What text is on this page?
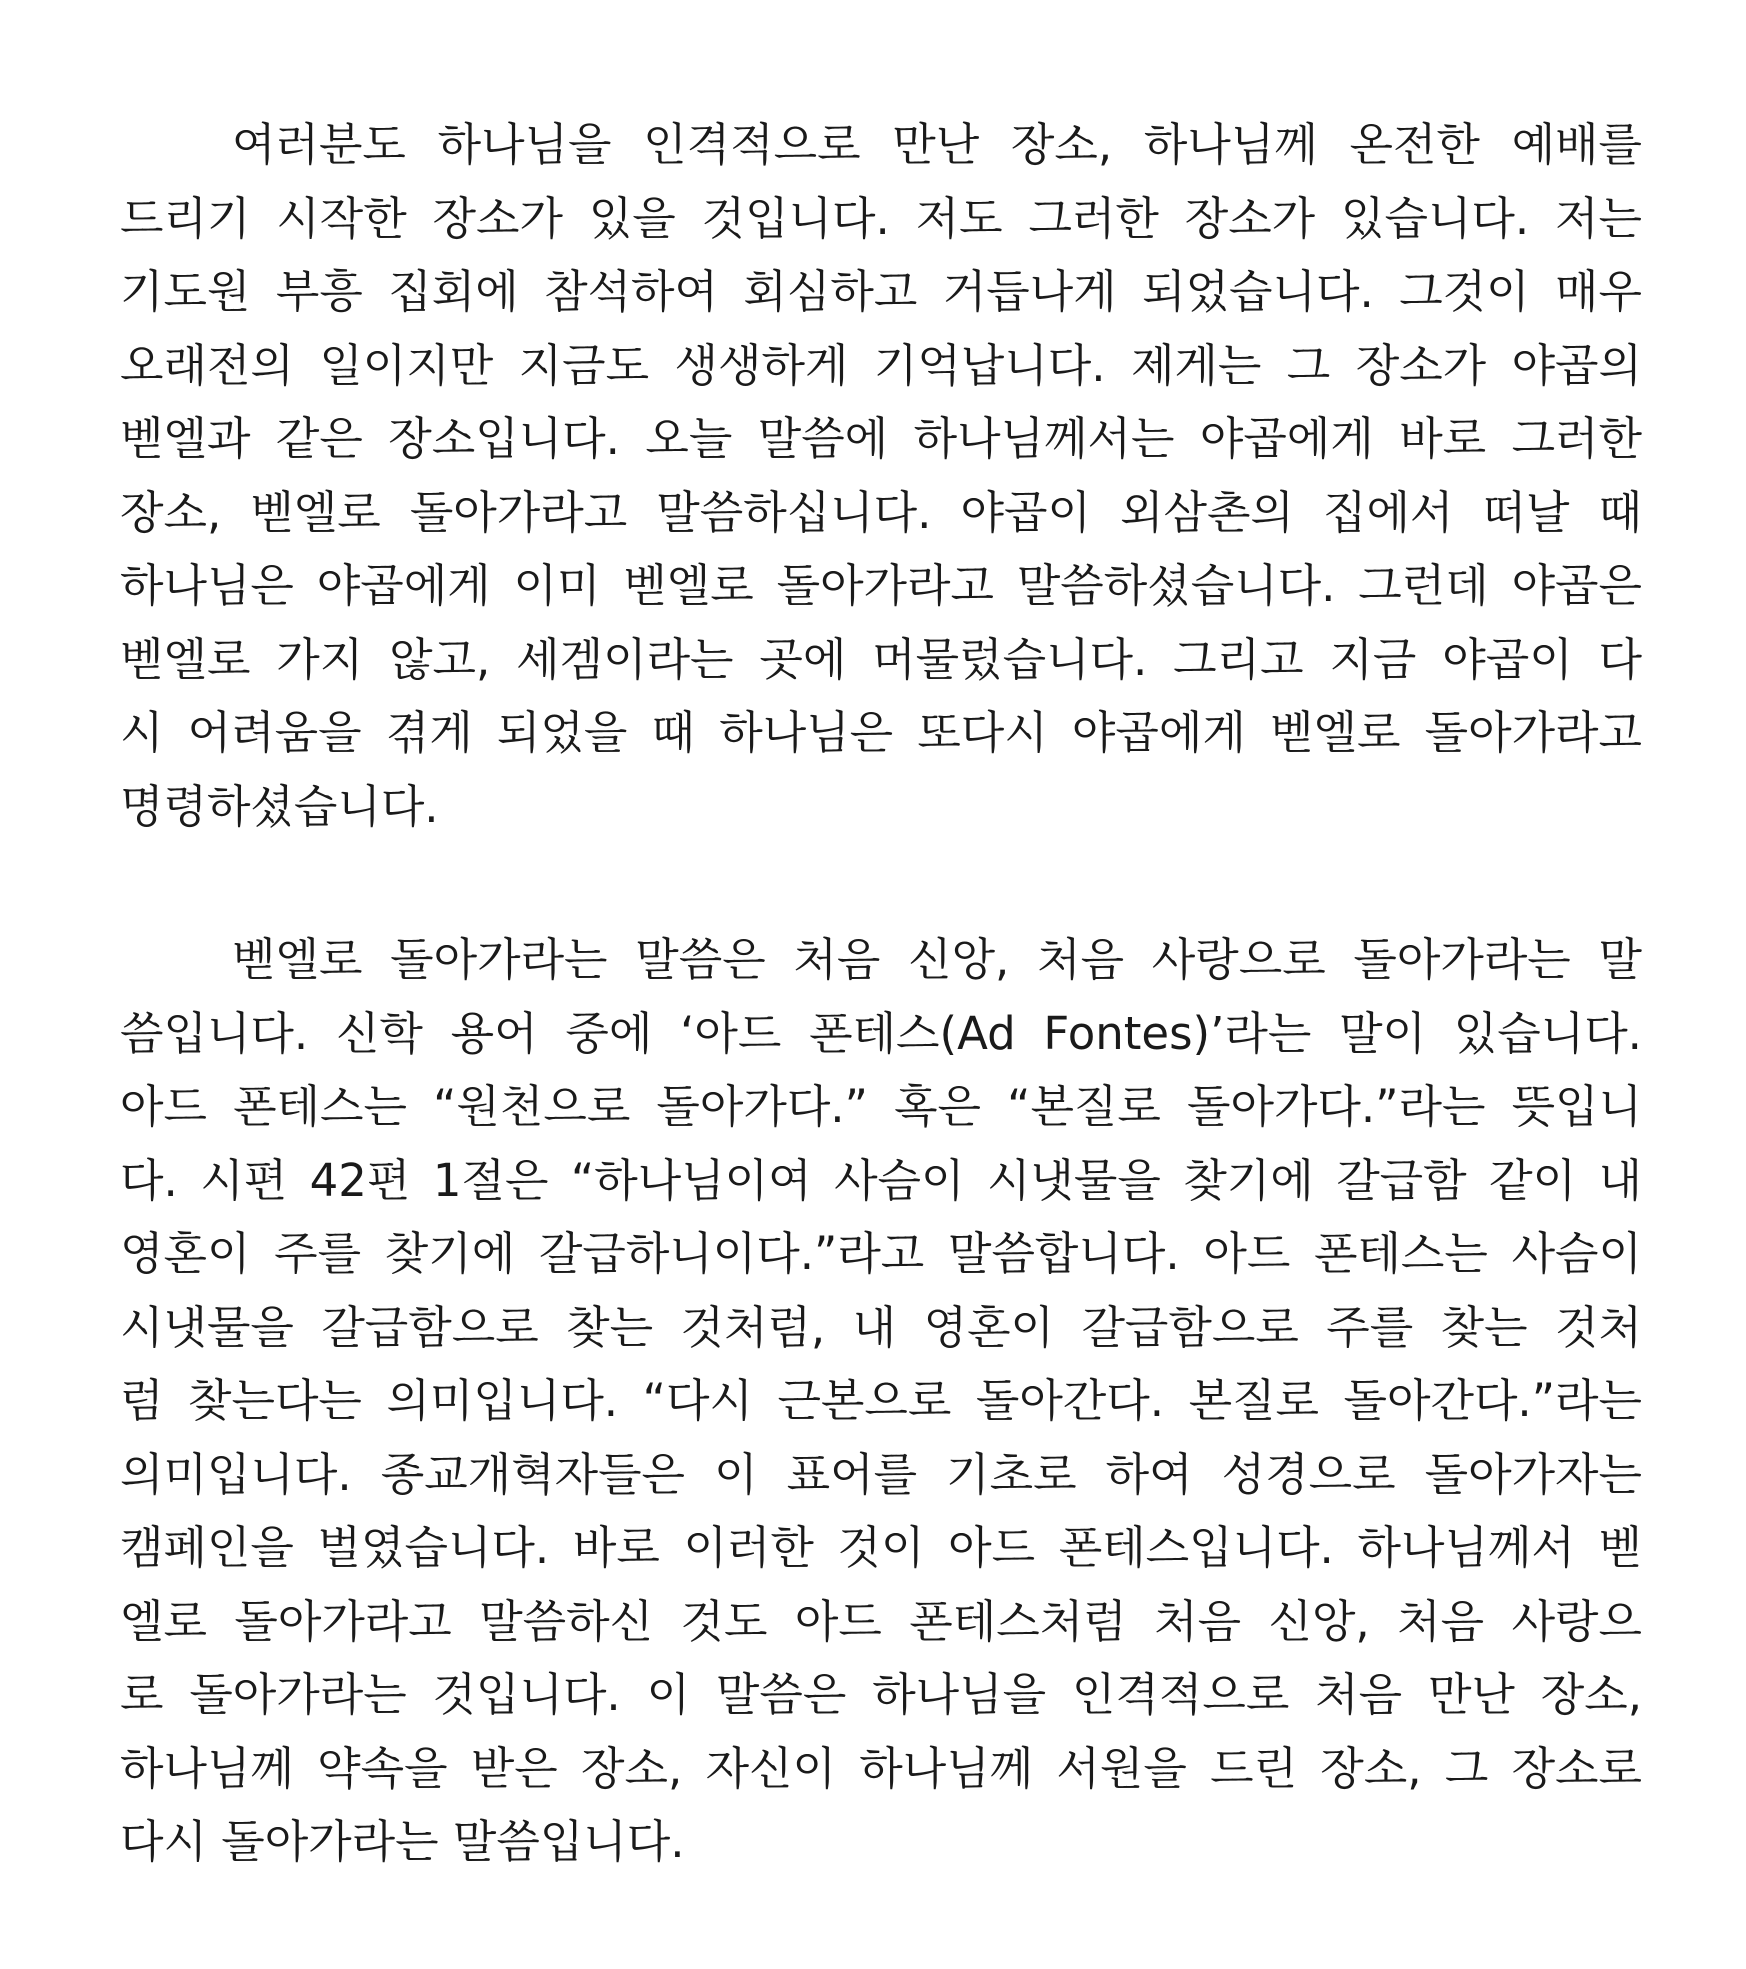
여러분도 하나님을 인격적으로 만난 장소, 하나님께 온전한 예배를
드리기 시작한 장소가 있을 것입니다. 저도 그러한 장소가 있습니다. 저는
기도원 부흥 집회에 참석하여 회심하고 거듭나게 되었습니다. 그것이 매우
오래전의 일이지만 지금도 생생하게 기억납니다. 제게는 그 장소가 야곱의
벧엘과 같은 장소입니다. 오늘 말씀에 하나님께서는 야곱에게 바로 그러한
장소, 벧엘로 돌아가라고 말씀하십니다. 야곱이 외삼촌의 집에서 떠날 때
하나님은 야곱에게 이미 벧엘로 돌아가라고 말씀하셨습니다. 그런데 야곱은
벧엘로 가지 않고, 세겜이라는 곳에 머물렀습니다. 그리고 지금 야곱이 다
시 어려움을 겪게 되었을 때 하나님은 또다시 야곱에게 벧엘로 돌아가라고
명령하셨습니다.
벧엘로 돌아가라는 말씀은 처음 신앙, 처음 사랑으로 돌아가라는 말
씀입니다. 신학 용어 중에 ‘아드 폰테스(Ad Fontes)’라는 말이 있습니다.
아드 폰테스는 “원천으로 돌아가다.” 혹은 “본질로 돌아가다.”라는 뜻입니
다. 시편 42편 1절은 “하나님이여 사슴이 시냇물을 찾기에 갈급함 같이 내
영혼이 주를 찾기에 갈급하니이다.”라고 말씀합니다. 아드 폰테스는 사슴이
시냇물을 갈급함으로 찾는 것처럼, 내 영혼이 갈급함으로 주를 찾는 것처
럼 찾는다는 의미입니다. “다시 근본으로 돌아간다. 본질로 돌아간다.”라는
의미입니다. 종교개혁자들은 이 표어를 기초로 하여 성경으로 돌아가자는
캠페인을 벌였습니다. 바로 이러한 것이 아드 폰테스입니다. 하나님께서 벧
엘로 돌아가라고 말씀하신 것도 아드 폰테스처럼 처음 신앙, 처음 사랑으
로 돌아가라는 것입니다. 이 말씀은 하나님을 인격적으로 처음 만난 장소,
하나님께 약속을 받은 장소, 자신이 하나님께 서원을 드린 장소, 그 장소로
다시 돌아가라는 말씀입니다.
